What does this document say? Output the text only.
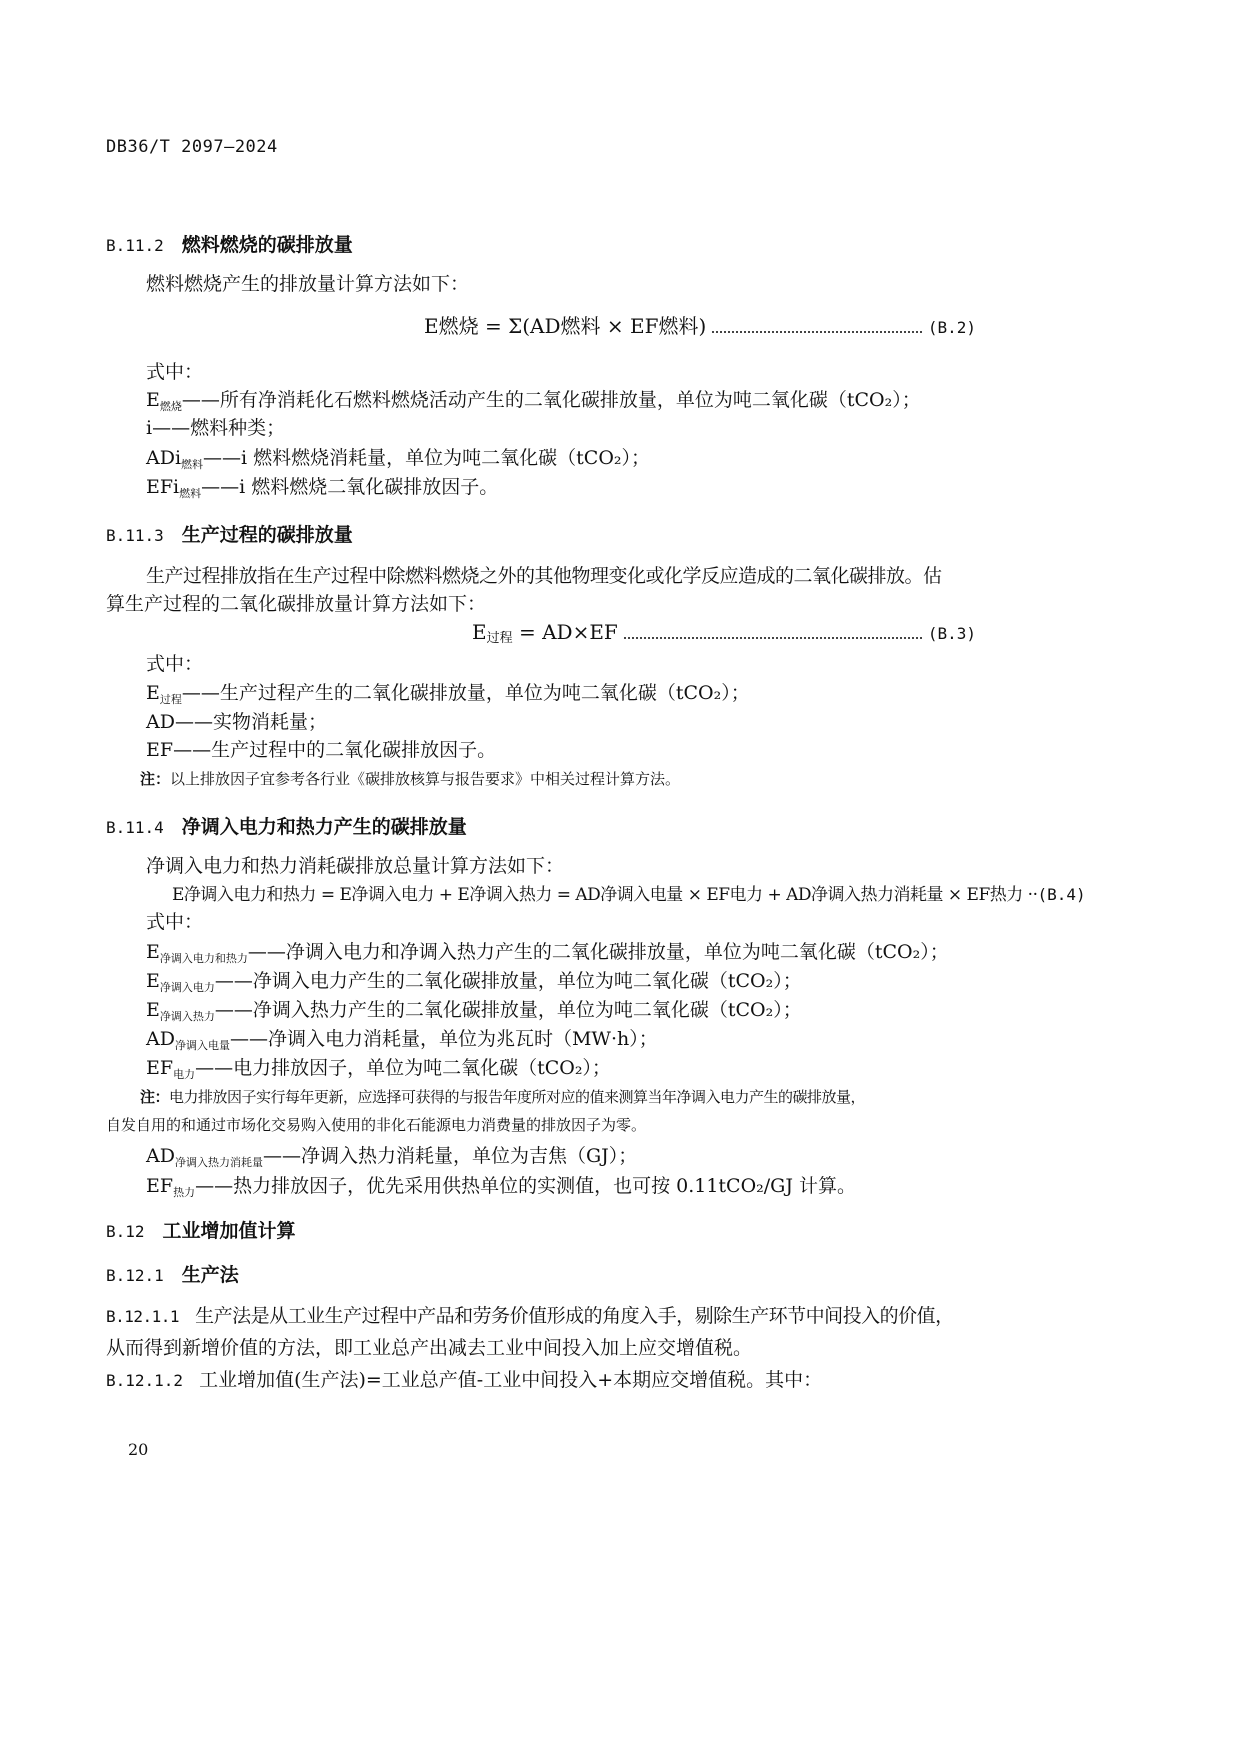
DB36/T 2097—2024
B.11.2 燃料燃烧的碳排放量
燃料燃烧产生的排放量计算方法如下：
E燃烧 = Σ(AD燃料 × EF燃料)	(B.2)
式中：
$E_{燃烧}——$所有净消耗化石燃料燃烧活动产生的二氧化碳排放量，单位为吨二氧化碳（tCO₂）；
i——燃料种类；
ADi$_{燃料}$——i 燃料燃烧消耗量，单位为吨二氧化碳（tCO₂）；
EFi$_{燃料}$——i 燃料燃烧二氧化碳排放因子。
B.11.3 生产过程的碳排放量
生产过程排放指在生产过程中除燃料燃烧之外的其他物理变化或化学反应造成的二氧化碳排放。估
算生产过程的二氧化碳排放量计算方法如下：
E过程 = AD×EF	(B.3)
式中：
$E_{过程}——$生产过程产生的二氧化碳排放量，单位为吨二氧化碳（tCO₂）；
AD——实物消耗量；
EF——生产过程中的二氧化碳排放因子。
注：以上排放因子宜参考各行业《碳排放核算与报告要求》中相关过程计算方法。
B.11.4 净调入电力和热力产生的碳排放量
净调入电力和热力消耗碳排放总量计算方法如下：
E净调入电力和热力 = E净调入电力 + E净调入热力 = AD净调入电量 × EF电力 + AD净调入热力消耗量 × EF热力 ·· (B.4)
式中：
$E_{净调入电力和热力}——$净调入电力和净调入热力产生的二氧化碳排放量，单位为吨二氧化碳（tCO₂）；
$E_{净调入电力}——$净调入电力产生的二氧化碳排放量，单位为吨二氧化碳（tCO₂）；
$E_{净调入热力}——$净调入热力产生的二氧化碳排放量，单位为吨二氧化碳（tCO₂）；
$AD_{净调入电量}——$净调入电力消耗量，单位为兆瓦时（MW·h）；
$EF_{电力}——$电力排放因子，单位为吨二氧化碳（tCO₂）；
注：电力排放因子实行每年更新，应选择可获得的与报告年度所对应的值来测算当年净调入电力产生的碳排放量，
自发自用的和通过市场化交易购入使用的非化石能源电力消费量的排放因子为零。
$AD_{净调入热力消耗量}——$净调入热力消耗量，单位为吉焦（GJ）；
$EF_{热力}——$热力排放因子，优先采用供热单位的实测值，也可按 0.11tCO₂/GJ 计算。
B.12 工业增加值计算
B.12.1 生产法
B.12.1.1 生产法是从工业生产过程中产品和劳务价值形成的角度入手，剔除生产环节中间投入的价值，
从而得到新增价值的方法，即工业总产出减去工业中间投入加上应交增值税。
B.12.1.2 工业增加值(生产法)=工业总产值-工业中间投入+本期应交增值税。其中：
20
